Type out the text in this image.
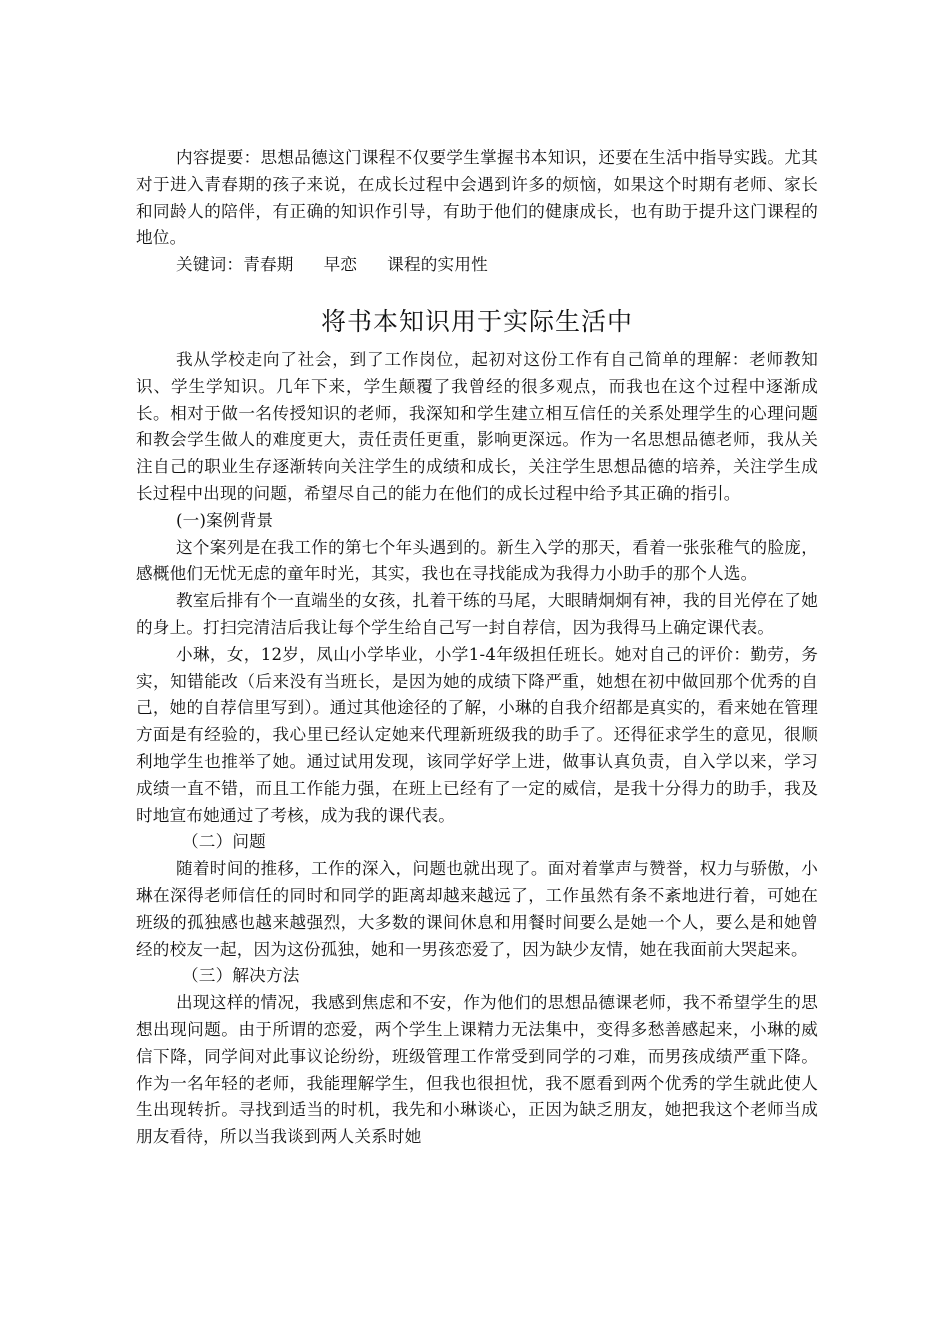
内容提要：思想品德这门课程不仅要学生掌握书本知识，还要在生活中指导实践。尤其对于进入青春期的孩子来说，在成长过程中会遇到许多的烦恼，如果这个时期有老师、家长和同龄人的陪伴，有正确的知识作引导，有助于他们的健康成长，也有助于提升这门课程的地位。

关键词：青春期 早恋 课程的实用性

将书本知识用于实际生活中

我从学校走向了社会，到了工作岗位，起初对这份工作有自己简单的理解：老师教知识、学生学知识。几年下来，学生颠覆了我曾经的很多观点，而我也在这个过程中逐渐成长。相对于做一名传授知识的老师，我深知和学生建立相互信任的关系处理学生的心理问题和教会学生做人的难度更大，责任责任更重，影响更深远。作为一名思想品德老师，我从关注自己的职业生存逐渐转向关注学生的成绩和成长，关注学生思想品德的培养，关注学生成长过程中出现的问题，希望尽自己的能力在他们的成长过程中给予其正确的指引。

(一)案例背景

这个案列是在我工作的第七个年头遇到的。新生入学的那天，看着一张张稚气的脸庞，感概他们无忧无虑的童年时光，其实，我也在寻找能成为我得力小助手的那个人选。

教室后排有个一直端坐的女孩，扎着干练的马尾，大眼睛炯炯有神，我的目光停在了她的身上。打扫完清洁后我让每个学生给自己写一封自荐信，因为我得马上确定课代表。

小琳，女，12岁，凤山小学毕业，小学1-4年级担任班长。她对自己的评价：勤劳，务实，知错能改（后来没有当班长，是因为她的成绩下降严重，她想在初中做回那个优秀的自己，她的自荐信里写到）。通过其他途径的了解，小琳的自我介绍都是真实的，看来她在管理方面是有经验的，我心里已经认定她来代理新班级我的助手了。还得征求学生的意见，很顺利地学生也推举了她。通过试用发现，该同学好学上进，做事认真负责，自入学以来，学习成绩一直不错，而且工作能力强，在班上已经有了一定的威信，是我十分得力的助手，我及时地宣布她通过了考核，成为我的课代表。

（二）问题

随着时间的推移，工作的深入，问题也就出现了。面对着掌声与赞誉，权力与骄傲，小琳在深得老师信任的同时和同学的距离却越来越远了，工作虽然有条不紊地进行着，可她在班级的孤独感也越来越强烈，大多数的课间休息和用餐时间要么是她一个人，要么是和她曾经的校友一起，因为这份孤独，她和一男孩恋爱了，因为缺少友情，她在我面前大哭起来。

（三）解决方法

出现这样的情况，我感到焦虑和不安，作为他们的思想品德课老师，我不希望学生的思想出现问题。由于所谓的恋爱，两个学生上课精力无法集中，变得多愁善感起来，小琳的威信下降，同学间对此事议论纷纷，班级管理工作常受到同学的刁难，而男孩成绩严重下降。作为一名年轻的老师，我能理解学生，但我也很担忧，我不愿看到两个优秀的学生就此使人生出现转折。寻找到适当的时机，我先和小琳谈心，正因为缺乏朋友，她把我这个老师当成朋友看待，所以当我谈到两人关系时她
